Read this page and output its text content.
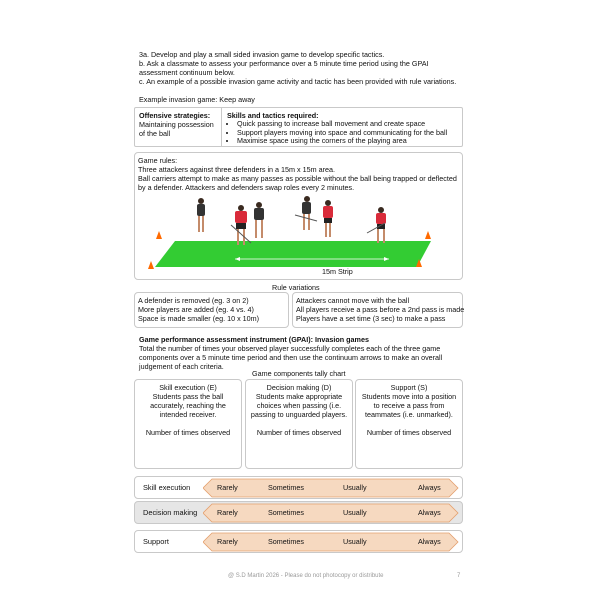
3a. Develop and play a small sided invasion game to develop specific tactics.
b. Ask a classmate to assess your performance over a 5 minute time period using the GPAI
assessment continuum below.
c. An example of a possible invasion game activity and tactic has been provided with rule variations.
Example invasion game: Keep away
Offensive strategies:
Maintaining possession
of the ball
Skills and tactics required:
• Quick passing to increase ball movement and create space
• Support players moving into space and communicating for the ball
• Maximise space using the corners of the playing area
Game rules:
Three attackers against three defenders in a 15m x 15m area.
Ball carriers attempt to make as many passes as possible without the ball being trapped or deflected
by a defender. Attackers and defenders swap roles every 2 minutes.
15m Strip
Rule variations
A defender is removed (eg. 3 on 2)
More players are added (eg. 4 vs. 4)
Space is made smaller (eg. 10 x 10m)
Attackers cannot move with the ball
All players receive a pass before a 2nd pass is made
Players have a set time (3 sec) to make a pass
Game performance assessment instrument (GPAI): Invasion games
Total the number of times your observed player successfully completes each of the three game
components over a 5 minute time period and then use the continuum arrows to make an overall
judgement of each criteria.
Game components tally chart
Skill execution (E)
Students pass the ball
accurately, reaching the
intended receiver.
Number of times observed
Decision making (D)
Students make appropriate
choices when passing (i.e.
passing to unguarded players.
Number of times observed
Support (S)
Students move into a position
to receive a pass from
teammates (i.e. unmarked).
Number of times observed
Skill execution	Rarely	Sometimes	Usually	Always
Decision making	Rarely	Sometimes	Usually	Always
Support	Rarely	Sometimes	Usually	Always
@ S.D Martin 2026 - Please do not photocopy or distribute	7
